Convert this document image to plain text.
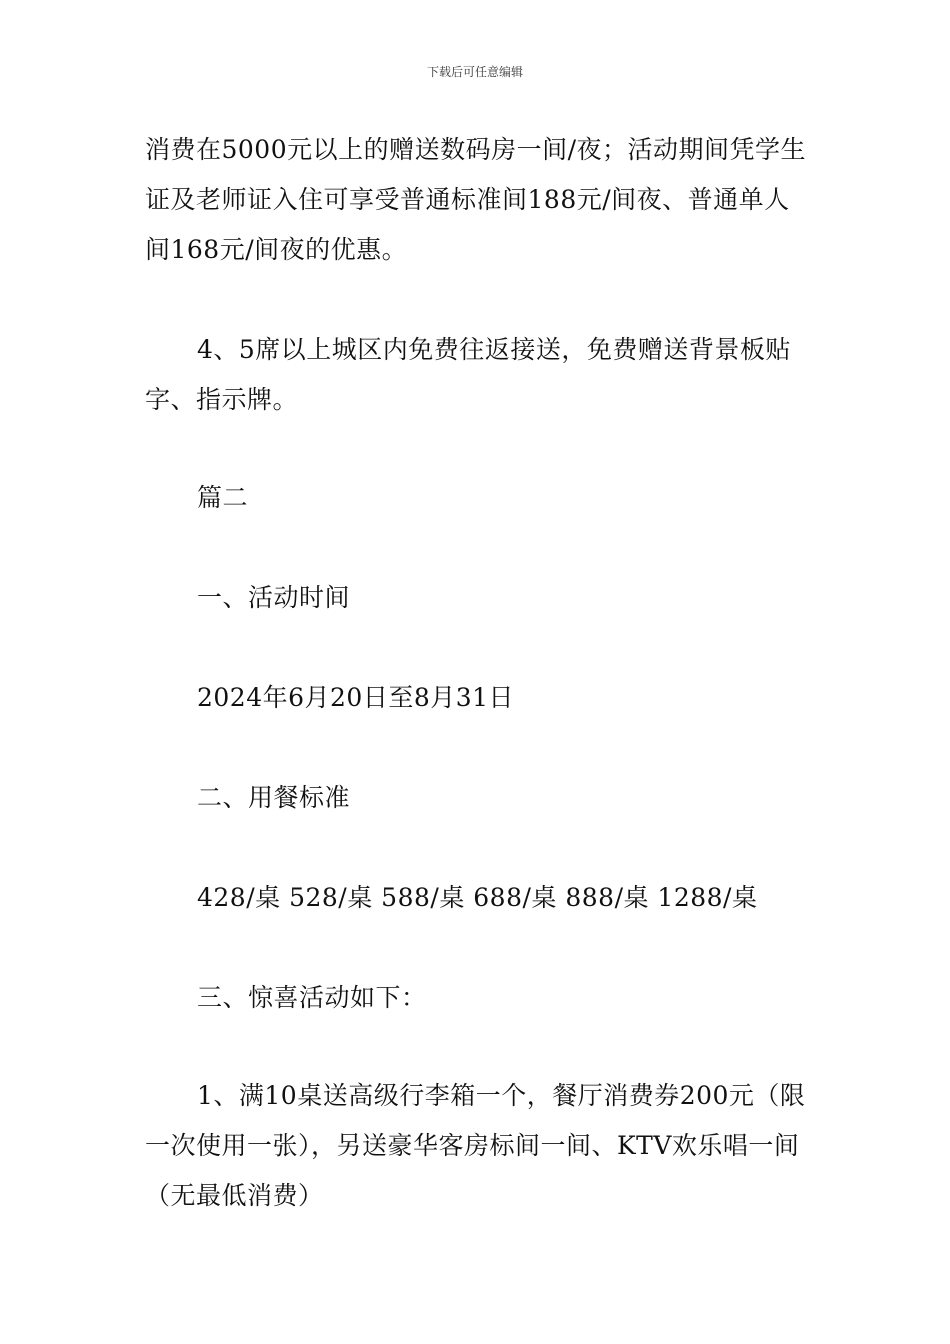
下载后可任意编辑

消费在5000元以上的赠送数码房一间/夜；活动期间凭学生证及老师证入住可享受普通标准间188元/间夜、普通单人间168元/间夜的优惠。

4、5席以上城区内免费往返接送，免费赠送背景板贴字、指示牌。

篇二

一、活动时间

2024年6月20日至8月31日

二、用餐标准

428/桌 528/桌 588/桌 688/桌 888/桌 1288/桌

三、惊喜活动如下：

1、满10桌送高级行李箱一个，餐厅消费券200元（限一次使用一张），另送豪华客房标间一间、KTV欢乐唱一间（无最低消费）
